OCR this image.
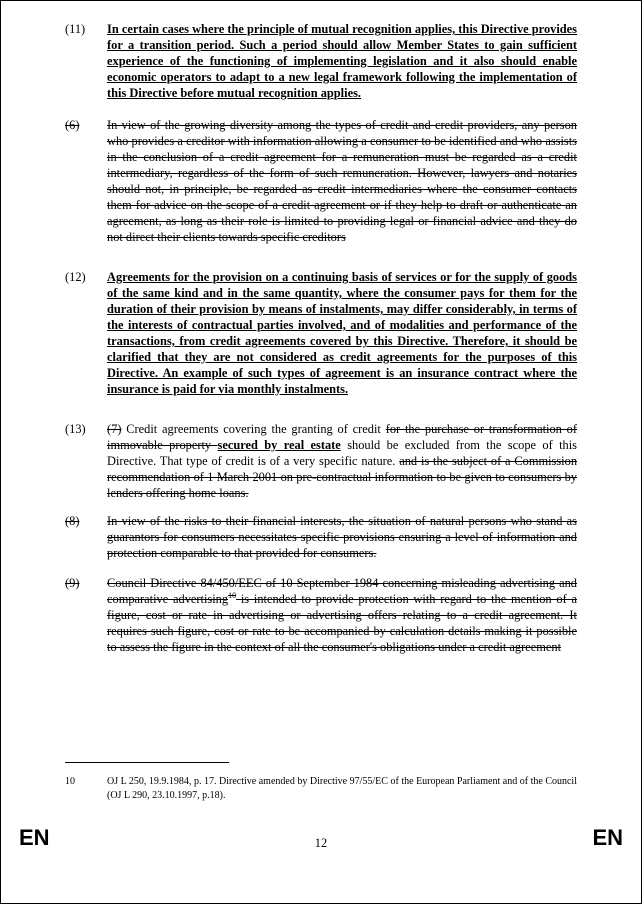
(11) In certain cases where the principle of mutual recognition applies, this Directive provides for a transition period. Such a period should allow Member States to gain sufficient experience of the functioning of implementing legislation and it also should enable economic operators to adapt to a new legal framework following the implementation of this Directive before mutual recognition applies.
(6) In view of the growing diversity among the types of credit and credit providers, any person who provides a creditor with information allowing a consumer to be identified and who assists in the conclusion of a credit agreement for a remuneration must be regarded as a credit intermediary, regardless of the form of such remuneration. However, lawyers and notaries should not, in principle, be regarded as credit intermediaries where the consumer contacts them for advice on the scope of a credit agreement or if they help to draft or authenticate an agreement, as long as their role is limited to providing legal or financial advice and they do not direct their clients towards specific creditors
(12) Agreements for the provision on a continuing basis of services or for the supply of goods of the same kind and in the same quantity, where the consumer pays for them for the duration of their provision by means of instalments, may differ considerably, in terms of the interests of contractual parties involved, and of modalities and performance of the transactions, from credit agreements covered by this Directive. Therefore, it should be clarified that they are not considered as credit agreements for the purposes of this Directive. An example of such types of agreement is an insurance contract where the insurance is paid for via monthly instalments.
(13) (7) Credit agreements covering the granting of credit for the purchase or transformation of immovable property secured by real estate should be excluded from the scope of this Directive. That type of credit is of a very specific nature. and is the subject of a Commission recommendation of 1 March 2001 on pre-contractual information to be given to consumers by lenders offering home loans.
(8) In view of the risks to their financial interests, the situation of natural persons who stand as guarantors for consumers necessitates specific provisions ensuring a level of information and protection comparable to that provided for consumers.
(9) Council Directive 84/450/EEC of 10 September 1984 concerning misleading advertising and comparative advertising$^{10}$ is intended to provide protection with regard to the mention of a figure, cost or rate in advertising or advertising offers relating to a credit agreement. It requires such figure, cost or rate to be accompanied by calculation details making it possible to assess the figure in the context of all the consumer's obligations under a credit agreement
10	OJ L 250, 19.9.1984, p. 17. Directive amended by Directive 97/55/EC of the European Parliament and of the Council (OJ L 290, 23.10.1997, p.18).
EN	12	EN
